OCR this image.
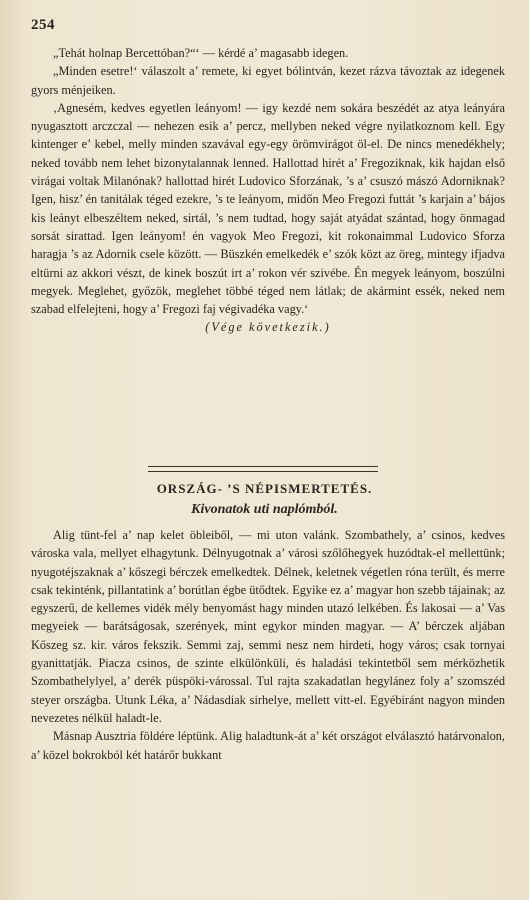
254

„Tehát holnap Bercettóban?“‘ — kérdé a’ magasabb idegen.

„Minden esetre!‘ válaszolt a’ remete, ki egyet bólintván, kezet rázva távoztak az idegenek gyors ménjeiken.

‚Agnesém, kedves egyetlen leányom! — igy kezdé nem sokára beszédét az atya leányára nyugasztott arczczal — nehezen esik a’ percz, mellyben neked végre nyilatkoznom kell. Egy kintenger e’ kebel, melly minden szavával egy-egy örömvirágot öl-el. De nincs menedékhely; neked tovább nem lehet bizonytalannak lenned. Hallottad hirét a’ Fregoziknak, kik hajdan első virágai voltak Milanónak? hallottad hirét Ludovico Sforzának, ’s a’ csuszó mászó Adorniknak? Igen, hisz’ én tanitálak téged ezekre, ’s te leányom, midőn Meo Fregozi futtát ’s karjain a’ bájos kis leányt elbeszéltem neked, sirtál, ’s nem tudtad, hogy saját atyádat szántad, hogy önmagad sorsát sirattad. Igen leányom! én vagyok Meo Fregozi, kit rokonaimmal Ludovico Sforza haragja ’s az Adornik csele között. — Büszkén emelkedék e’ szók közt az öreg, mintegy ifjadva eltürni az akkori vészt, de kinek boszút irt a’ rokon vér szivébe. Én megyek leányom, boszúlni megyek. Meglehet, győzök, meglehet többé téged nem látlak; de akármint essék, neked nem szabad elfelejteni, hogy a’ Fregozi faj végivadéka vagy.‘

(Vége következik.)

ORSZÁG- ’S NÉPISMERTETÉS.
Kivonatok uti naplómból.

Alig tünt-fel a’ nap kelet öbleiből, — mi uton valánk. Szombathely, a’ csinos, kedves városka vala, mellyet elhagytunk. Délnyugotnak a’ városi szőlőhegyek huzódtak-el mellettünk; nyugotéjszaknak a’ kőszegi bérczek emelkedtek. Délnek, keletnek végetlen róna terült, és merre csak tekinténk, pillantatink a’ borútlan égbe ütődtek. Egyike ez a’ magyar hon szebb tájainak; az egyszerű, de kellemes vidék mély benyomást hagy minden utazó lelkében. És lakosai — a’ Vas megyeiek — barátságosak, szerények, mint egykor minden magyar. — A’ bérczek aljában Kőszeg sz. kir. város fekszik. Semmi zaj, semmi nesz nem hirdeti, hogy város; csak tornyai gyanittatják. Piacza csinos, de szinte elkülönküli, és haladási tekintetből sem mérközhetik Szombathelylyel, a’ derék püspöki-várossal. Tul rajta szakadatlan hegylánez foly a’ szomszéd steyer országba. Utunk Léka, a’ Nádasdiak sirhelye, mellett vitt-el. Egyébiránt nagyon minden nevezetes nélkül haladt-le.

Másnap Ausztria földére léptünk. Alig haladtunk-át a’ két országot elválasztó határvonalon, a’ közel bokrokból két határőr bukkant
